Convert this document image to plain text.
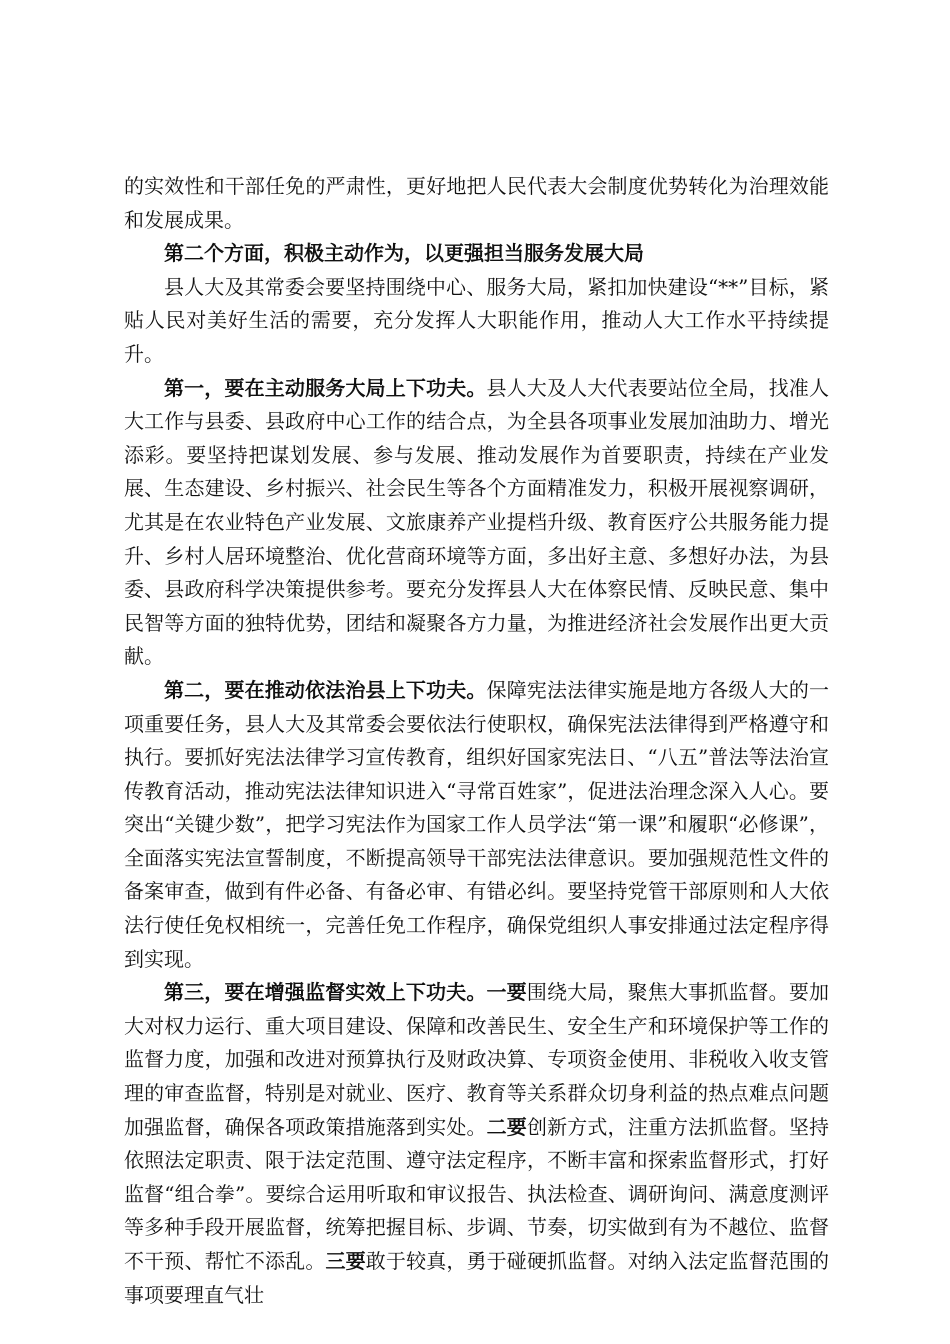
的实效性和干部任免的严肃性，更好地把人民代表大会制度优势转化为治理效能和发展成果。

第二个方面，积极主动作为，以更强担当服务发展大局

县人大及其常委会要坚持围绕中心、服务大局，紧扣加快建设“**”目标，紧贴人民对美好生活的需要，充分发挥人大职能作用，推动人大工作水平持续提升。

第一，要在主动服务大局上下功夫。县人大及人大代表要站位全局，找准人大工作与县委、县政府中心工作的结合点，为全县各项事业发展加油助力、增光添彩。要坚持把谋划发展、参与发展、推动发展作为首要职责，持续在产业发展、生态建设、乡村振兴、社会民生等各个方面精准发力，积极开展视察调研，尤其是在农业特色产业发展、文旅康养产业提档升级、教育医疗公共服务能力提升、乡村人居环境整治、优化营商环境等方面，多出好主意、多想好办法，为县委、县政府科学决策提供参考。要充分发挥县人大在体察民情、反映民意、集中民智等方面的独特优势，团结和凝聚各方力量，为推进经济社会发展作出更大贡献。

第二，要在推动依法治县上下功夫。保障宪法法律实施是地方各级人大的一项重要任务，县人大及其常委会要依法行使职权，确保宪法法律得到严格遵守和执行。要抓好宪法法律学习宣传教育，组织好国家宪法日、“八五”普法等法治宣传教育活动，推动宪法法律知识进入“寻常百姓家”，促进法治理念深入人心。要突出“关键少数”，把学习宪法作为国家工作人员学法“第一课”和履职“必修课”，全面落实宪法宣誓制度，不断提高领导干部宪法法律意识。要加强规范性文件的备案审查，做到有件必备、有备必审、有错必纠。要坚持党管干部原则和人大依法行使任免权相统一，完善任免工作程序，确保党组织人事安排通过法定程序得到实现。

第三，要在增强监督实效上下功夫。一要围绕大局，聚焦大事抓监督。要加大对权力运行、重大项目建设、保障和改善民生、安全生产和环境保护等工作的监督力度，加强和改进对预算执行及财政决算、专项资金使用、非税收入收支管理的审查监督，特别是对就业、医疗、教育等关系群众切身利益的热点难点问题加强监督，确保各项政策措施落到实处。二要创新方式，注重方法抓监督。坚持依照法定职责、限于法定范围、遵守法定程序，不断丰富和探索监督形式，打好监督“组合拳”。要综合运用听取和审议报告、执法检查、调研询问、满意度测评等多种手段开展监督，统筹把握目标、步调、节奏，切实做到有为不越位、监督不干预、帮忙不添乱。三要敢于较真，勇于碰硬抓监督。对纳入法定监督范围的事项要理直气壮
